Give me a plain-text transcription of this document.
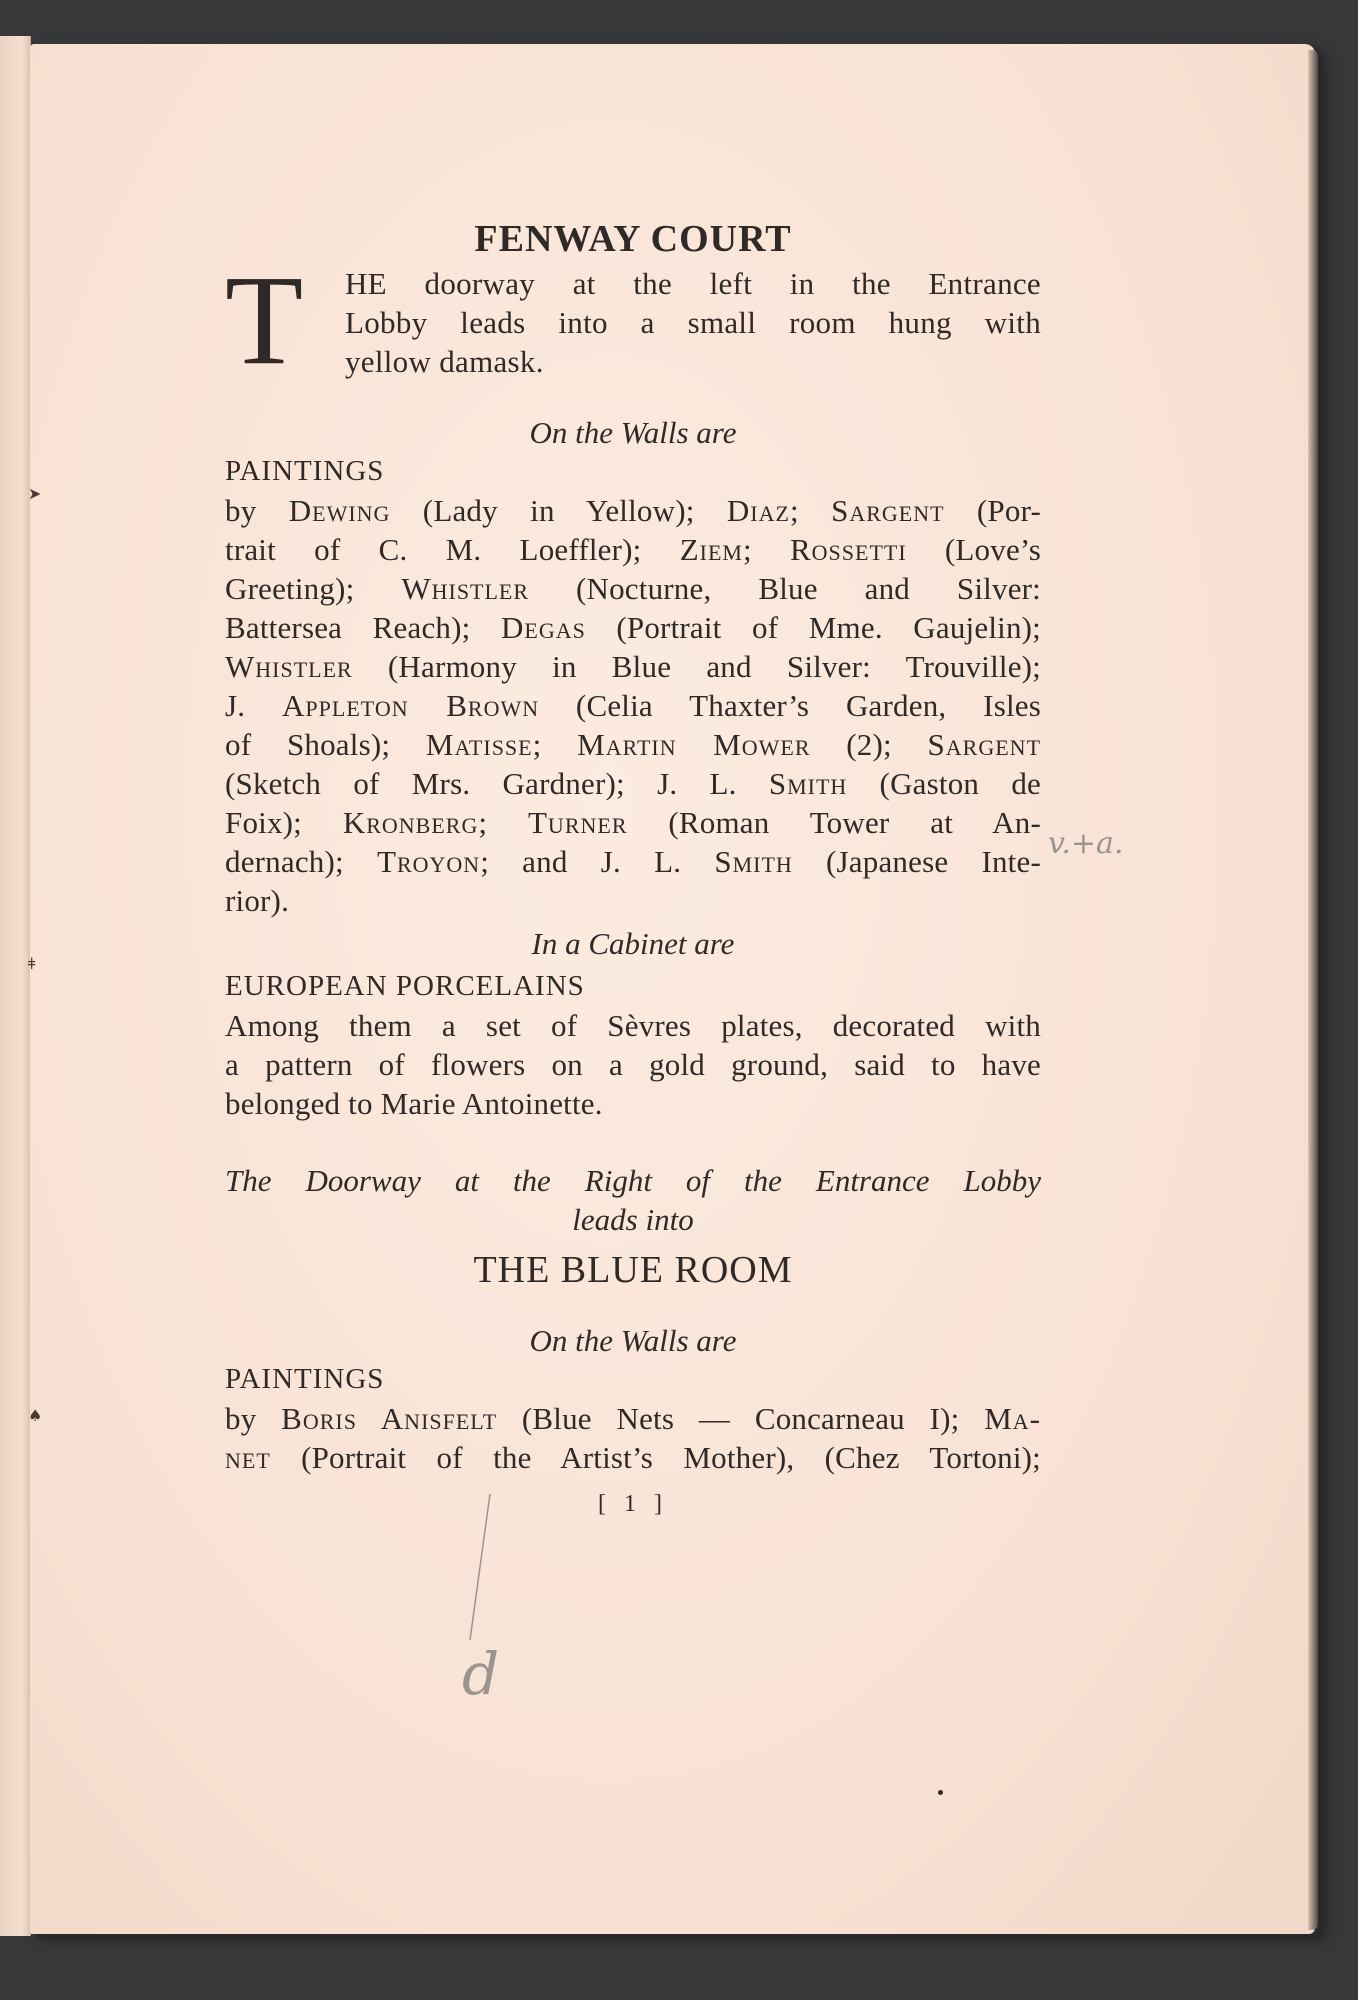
➤
ǂ
♠
FENWAY COURT
T HE doorway at the left in the Entrance
Lobby leads into a small room hung with
yellow damask.
On the Walls are
PAINTINGS
by Dewing (Lady in Yellow); Diaz; Sargent (Por-
trait of C. M. Loeffler); Ziem; Rossetti (Love’s
Greeting); Whistler (Nocturne, Blue and Silver:
Battersea Reach); Degas (Portrait of Mme. Gaujelin);
Whistler (Harmony in Blue and Silver: Trouville);
J. Appleton Brown (Celia Thaxter’s Garden, Isles
of Shoals); Matisse; Martin Mower (2); Sargent
(Sketch of Mrs. Gardner); J. L. Smith (Gaston de
Foix); Kronberg; Turner (Roman Tower at An-
dernach); Troyon; and J. L. Smith (Japanese Inte-
rior).
In a Cabinet are
EUROPEAN PORCELAINS
Among them a set of Sèvres plates, decorated with
a pattern of flowers on a gold ground, said to have
belonged to Marie Antoinette.
The Doorway at the Right of the Entrance Lobby
leads into
THE BLUE ROOM
On the Walls are
PAINTINGS
by Boris Anisfelt (Blue Nets — Concarneau I); Ma-
net (Portrait of the Artist’s Mother), (Chez Tortoni);
[ 1 ]
v.+a.
d
